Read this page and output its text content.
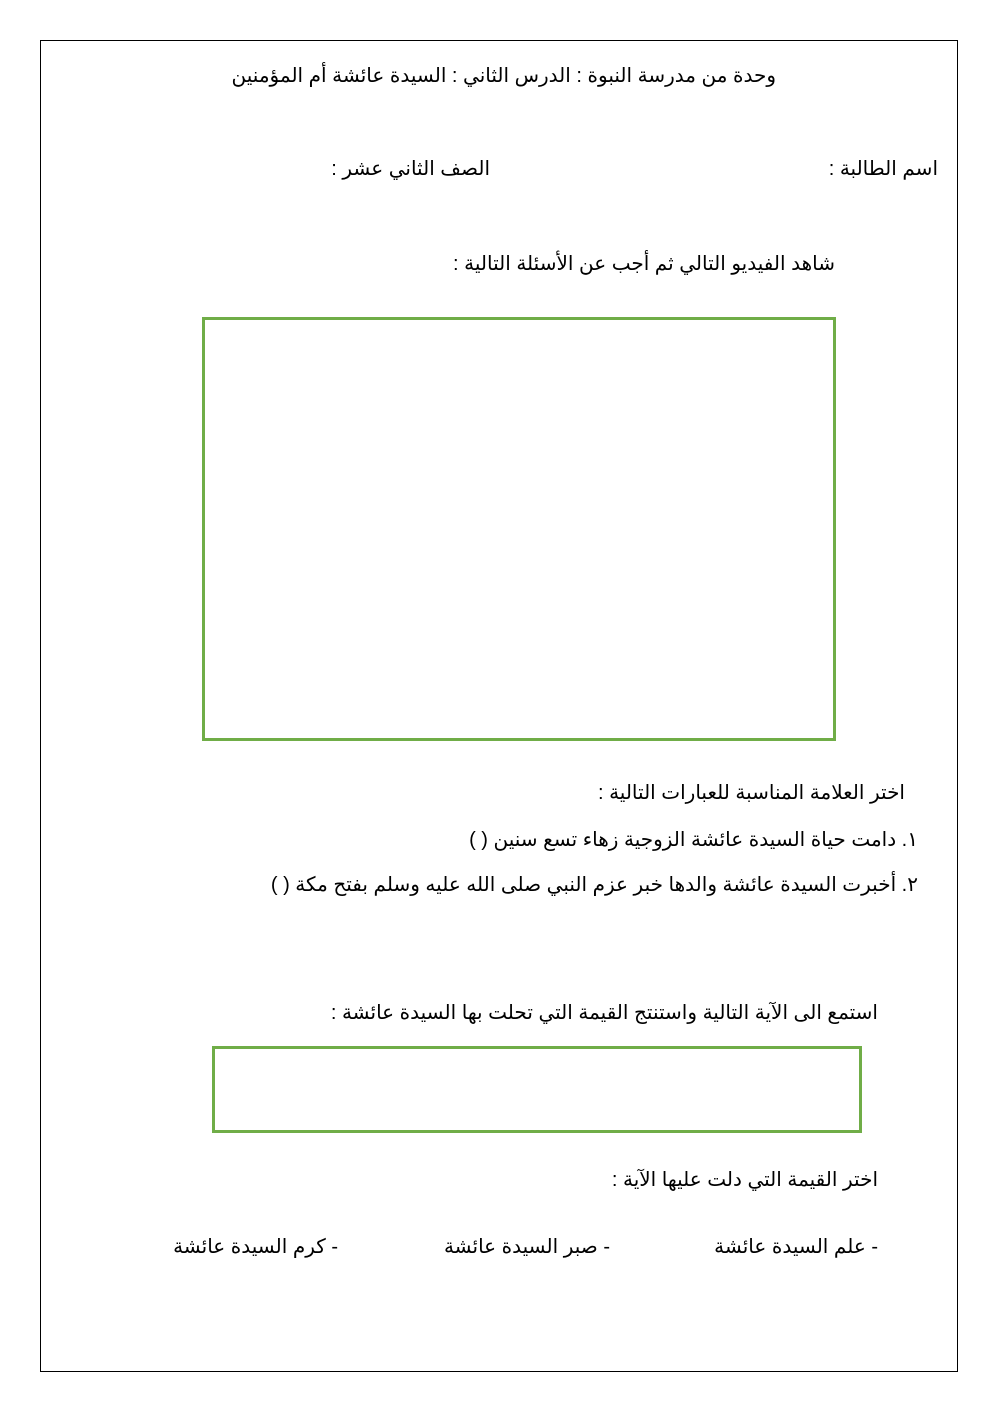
وحدة من مدرسة النبوة : الدرس الثاني : السيدة عائشة أم المؤمنين
اسم الطالبة :
الصف الثاني عشر :
شاهد الفيديو التالي ثم أجب عن الأسئلة التالية :
اختر العلامة المناسبة للعبارات التالية :
١. دامت حياة السيدة عائشة الزوجية زهاء تسع سنين ( )
٢. أخبرت السيدة عائشة والدها خبر عزم النبي صلى الله عليه وسلم بفتح مكة ( )
استمع الى الآية التالية واستنتج القيمة التي تحلت بها السيدة عائشة :
اختر القيمة التي دلت عليها الآية :
- علم السيدة عائشة
- صبر السيدة عائشة
- كرم السيدة عائشة
